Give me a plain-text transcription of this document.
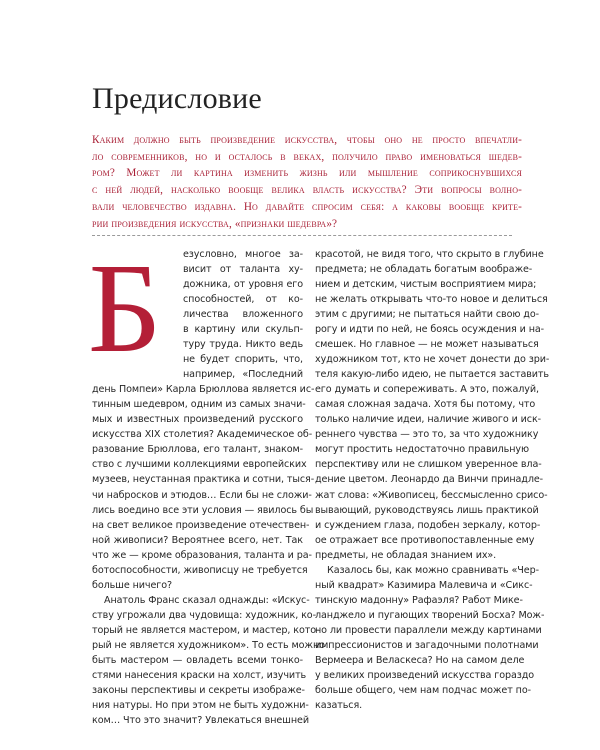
Предисловие
Каким должно быть произведение искусства, чтобы оно не просто впечатли-
ло современников, но и осталось в веках, получило право именоваться шедев-
ром? Может ли картина изменить жизнь или мышление соприкоснувшихся
с ней людей, насколько вообще велика власть искусства? Эти вопросы волно-
вали человечество издавна. Но давайте спросим себя: а каковы вообще крите-
рии произведения искусства, «признаки шедевра»?
Б езусловно, многое за-
висит от таланта ху-
дожника, от уровня его
способностей, от ко-
личества вложенного
в картину или скульп-
туру труда. Никто ведь
не будет спорить, что,
например, «Последний
день Помпеи» Карла Брюллова является ис-
тинным шедевром, одним из самых значи-
мых и известных произведений русского
искусства XIX столетия? Академическое об-
разование Брюллова, его талант, знаком-
ство с лучшими коллекциями европейских
музеев, неустанная практика и сотни, тыся-
чи набросков и этюдов… Если бы не сложи-
лись воедино все эти условия — явилось бы
на свет великое произведение отечествен-
ной живописи? Вероятнее всего, нет. Так
что же — кроме образования, таланта и ра-
ботоспособности, живописцу не требуется
больше ничего?
Анатоль Франс сказал однажды: «Искус-
ству угрожали два чудовища: художник, ко-
торый не является мастером, и мастер, кото-
рый не является художником». То есть можно
быть мастером — овладеть всеми тонко-
стями нанесения краски на холст, изучить
законы перспективы и секреты изображе-
ния натуры. Но при этом не быть художни-
ком… Что это значит? Увлекаться внешней
красотой, не видя того, что скрыто в глубине
предмета; не обладать богатым воображе-
нием и детским, чистым восприятием мира;
не желать открывать что-то новое и делиться
этим с другими; не пытаться найти свою до-
рогу и идти по ней, не боясь осуждения и на-
смешек. Но главное — не может называться
художником тот, кто не хочет донести до зри-
теля какую-либо идею, не пытается заставить
его думать и сопереживать. А это, пожалуй,
самая сложная задача. Хотя бы потому, что
только наличие идеи, наличие живого и иск-
реннего чувства — это то, за что художнику
могут простить недостаточно правильную
перспективу или не слишком уверенное вла-
дение цветом. Леонардо да Винчи принадле-
жат слова: «Живописец, бессмысленно срисо-
вывающий, руководствуясь лишь практикой
и суждением глаза, подобен зеркалу, котор-
ое отражает все противопоставленные ему
предметы, не обладая знанием их».
Казалось бы, как можно сравнивать «Чер-
ный квадрат» Казимира Малевича и «Сикс-
тинскую мадонну» Рафаэля? Работ Мике-
ланджело и пугающих творений Босха? Мож-
но ли провести параллели между картинами
импрессионистов и загадочными полотнами
Вермеера и Веласкеса? Но на самом деле
у великих произведений искусства гораздо
больше общего, чем нам подчас может по-
казаться.
